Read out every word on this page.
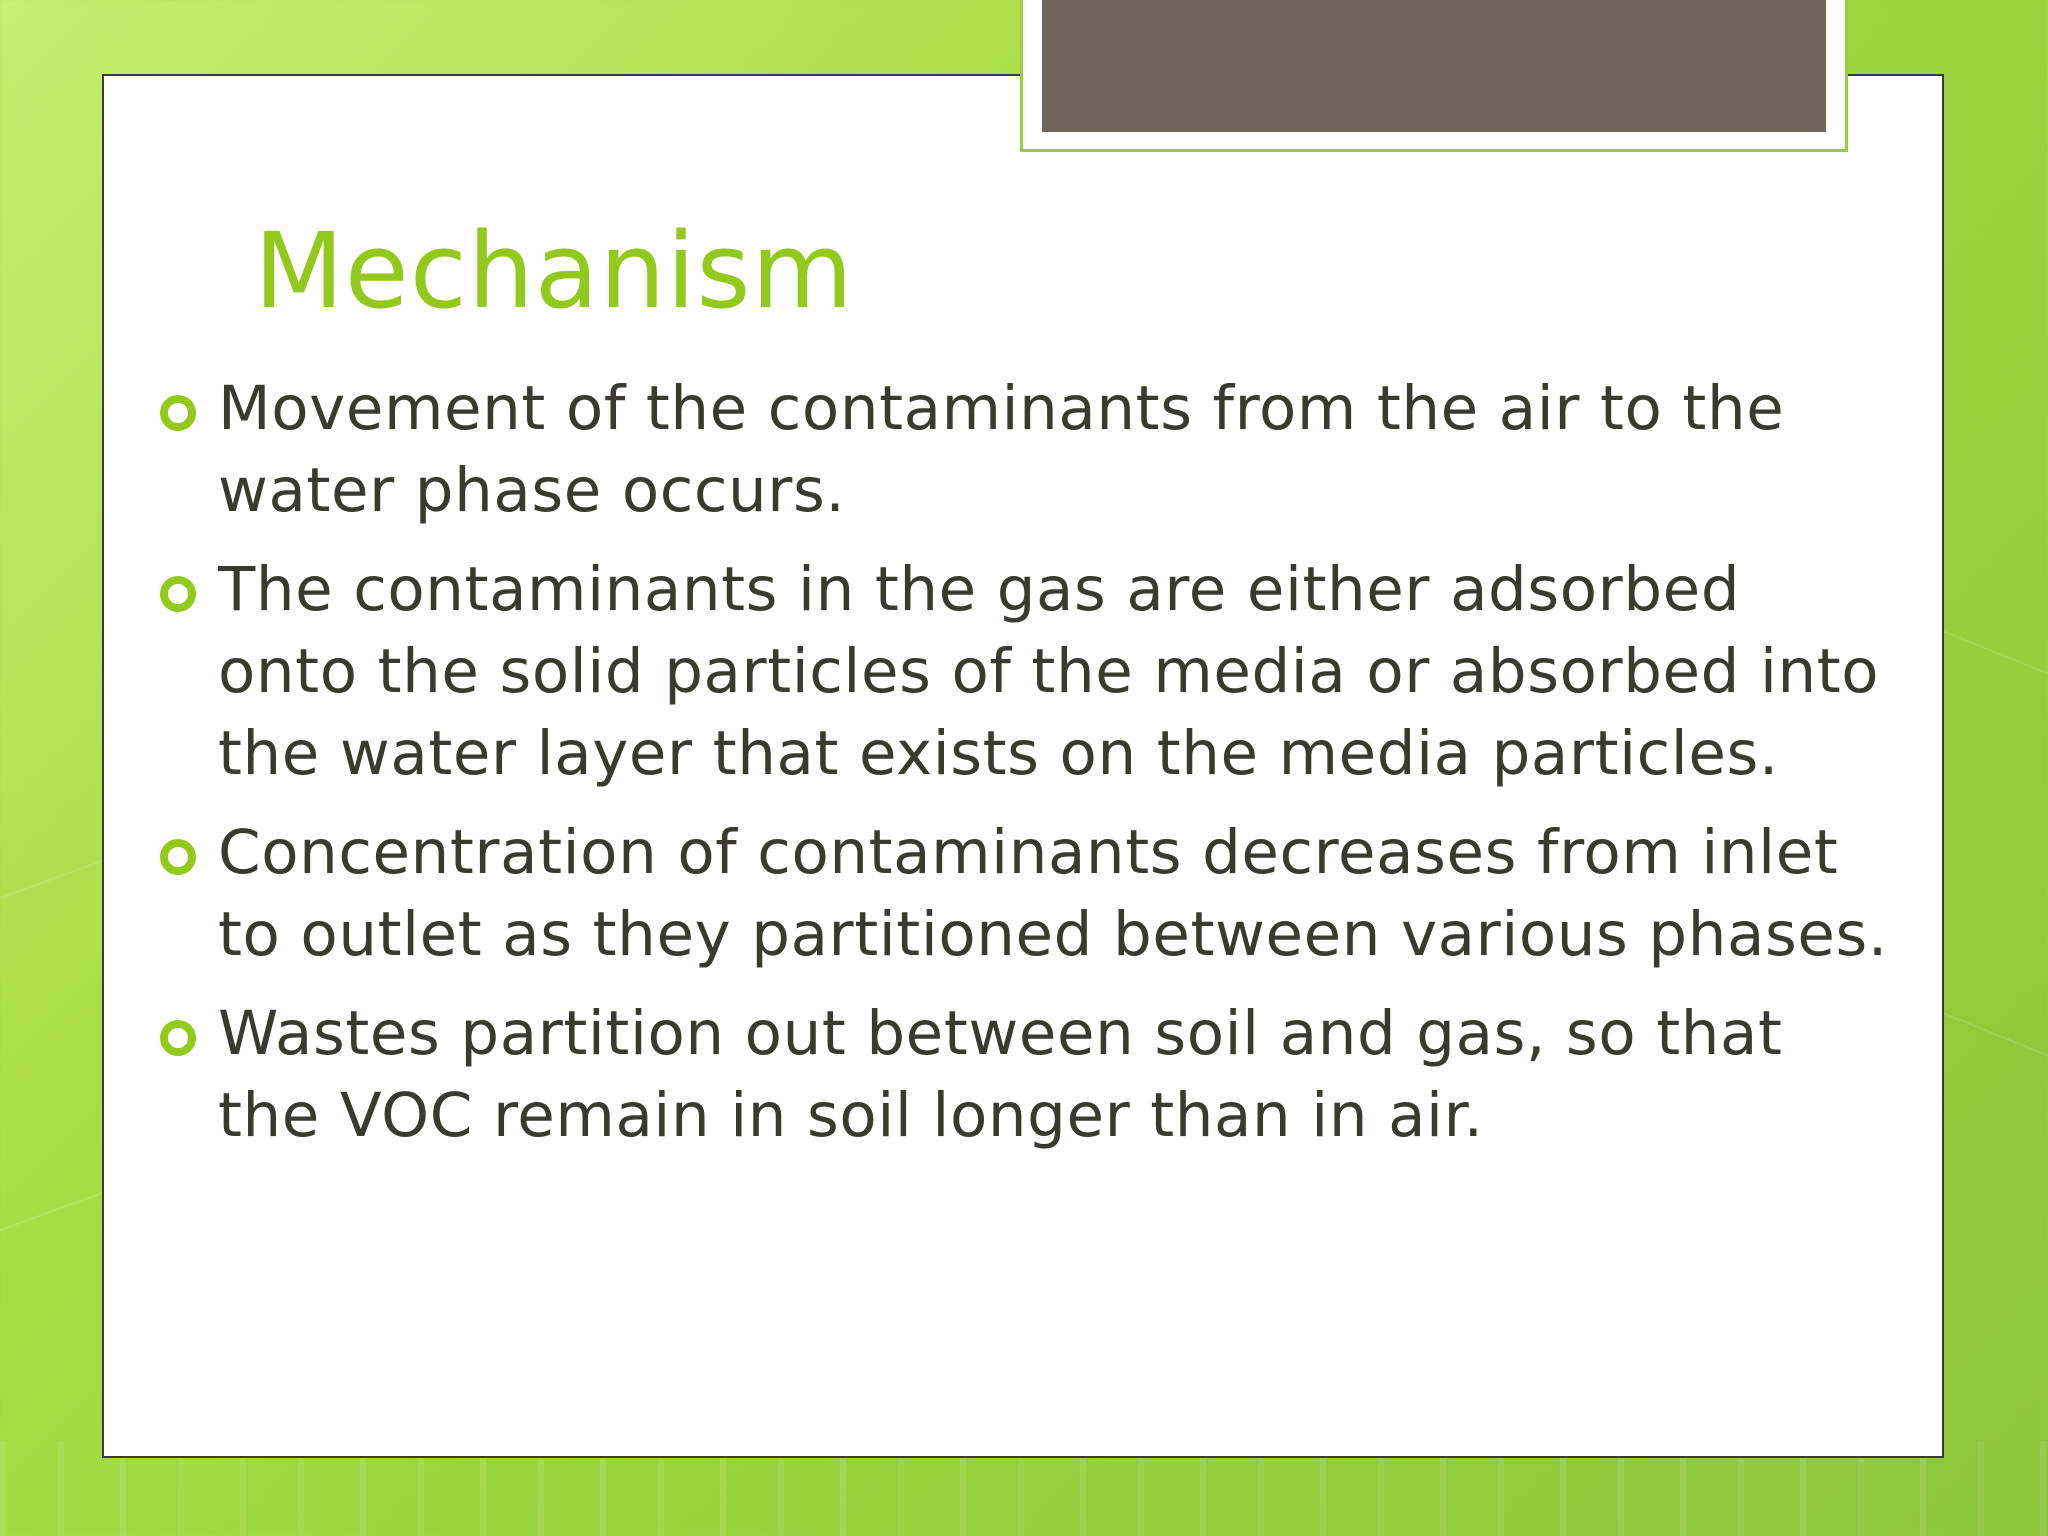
Mechanism
Movement of the contaminants from the air to the water phase occurs.
The contaminants in the gas are either adsorbed onto the solid particles of the media or absorbed into the water layer that exists on the media particles.
Concentration of contaminants decreases from inlet to outlet as they partitioned between various phases.
Wastes partition out between soil and gas, so that the VOC remain in soil longer than in air.
